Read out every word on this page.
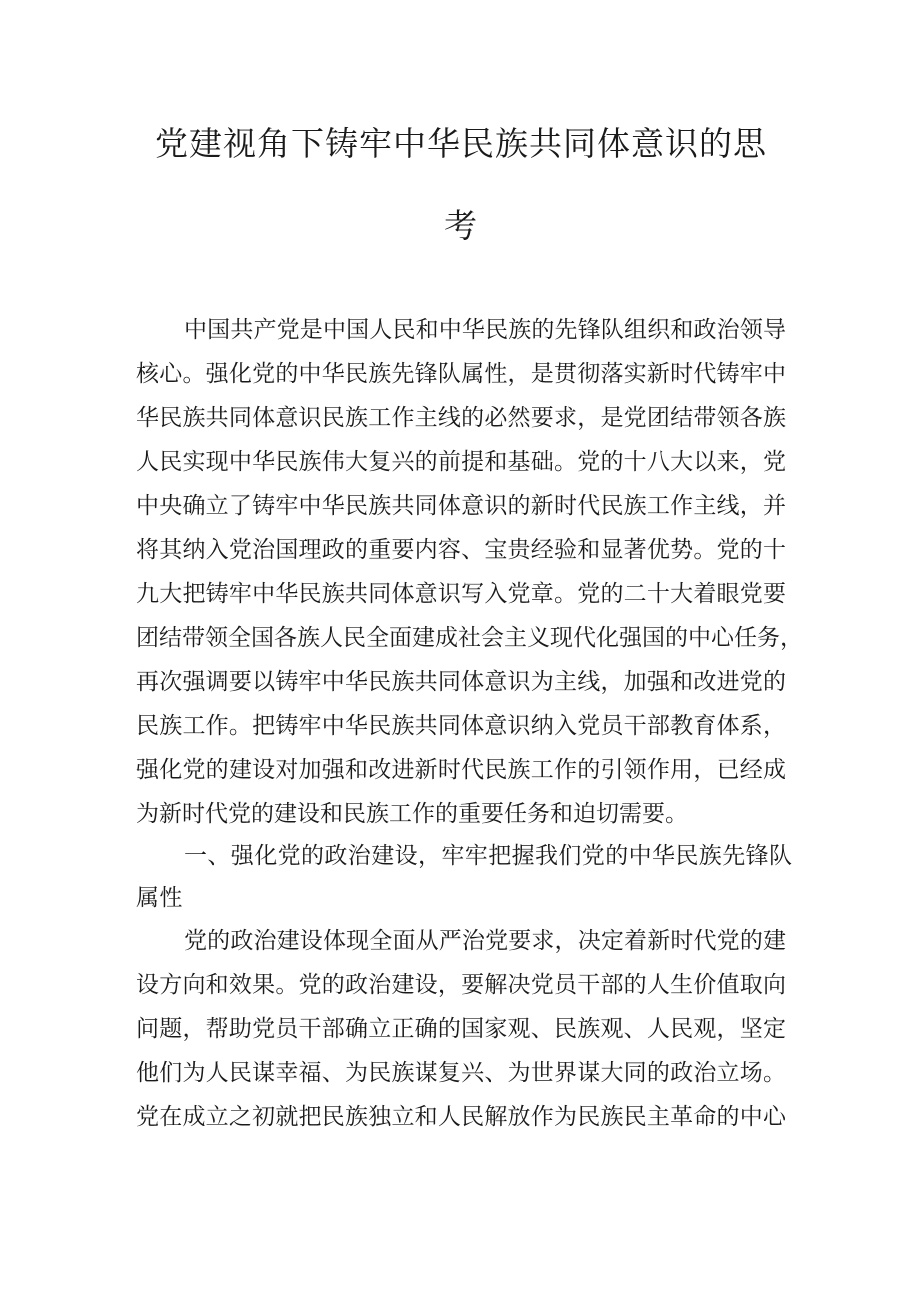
党建视角下铸牢中华民族共同体意识的思
考
中国共产党是中国人民和中华民族的先锋队组织和政治领导
核心。强化党的中华民族先锋队属性，是贯彻落实新时代铸牢中
华民族共同体意识民族工作主线的必然要求，是党团结带领各族
人民实现中华民族伟大复兴的前提和基础。党的十八大以来，党
中央确立了铸牢中华民族共同体意识的新时代民族工作主线，并
将其纳入党治国理政的重要内容、宝贵经验和显著优势。党的十
九大把铸牢中华民族共同体意识写入党章。党的二十大着眼党要
团结带领全国各族人民全面建成社会主义现代化强国的中心任务，
再次强调要以铸牢中华民族共同体意识为主线，加强和改进党的
民族工作。把铸牢中华民族共同体意识纳入党员干部教育体系，
强化党的建设对加强和改进新时代民族工作的引领作用，已经成
为新时代党的建设和民族工作的重要任务和迫切需要。
一、强化党的政治建设，牢牢把握我们党的中华民族先锋队
属性
党的政治建设体现全面从严治党要求，决定着新时代党的建
设方向和效果。党的政治建设，要解决党员干部的人生价值取向
问题，帮助党员干部确立正确的国家观、民族观、人民观，坚定
他们为人民谋幸福、为民族谋复兴、为世界谋大同的政治立场。
党在成立之初就把民族独立和人民解放作为民族民主革命的中心
